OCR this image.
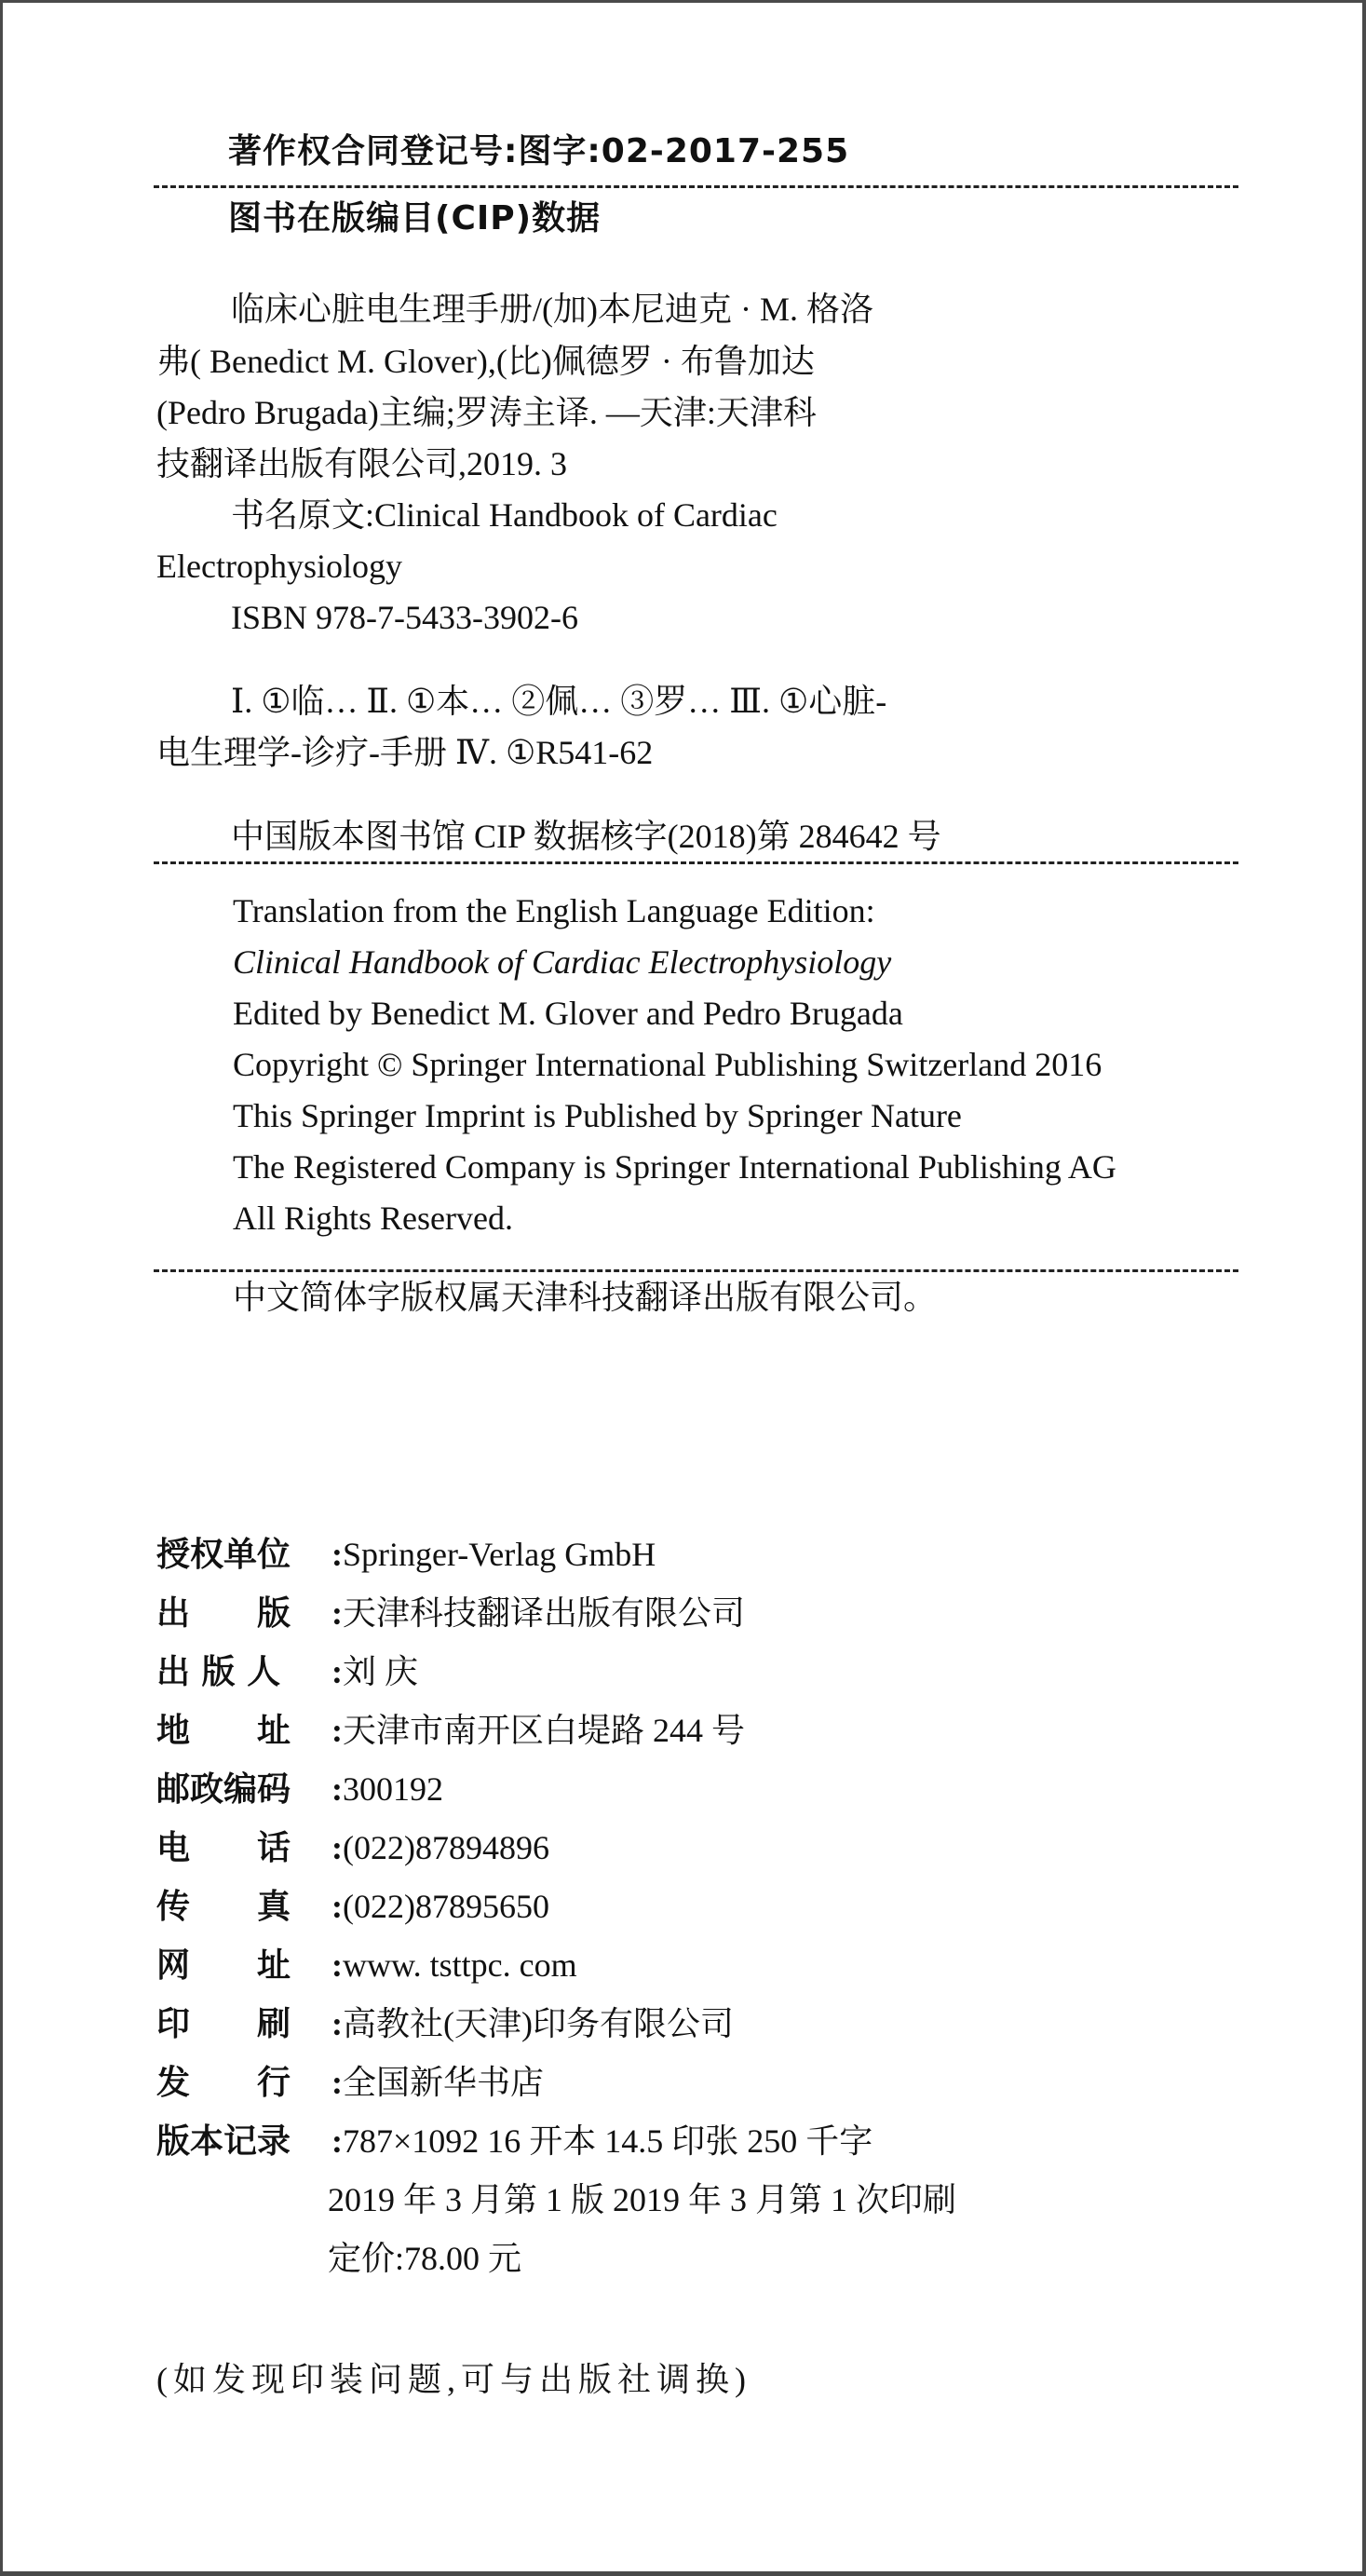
著作权合同登记号:图字:02-2017-255
图书在版编目(CIP)数据
临床心脏电生理手册/(加)本尼迪克 · M. 格洛
弗( Benedict M. Glover),(比)佩德罗 · 布鲁加达
(Pedro Brugada)主编;罗涛主译. —天津:天津科
技翻译出版有限公司,2019. 3
书名原文:Clinical Handbook of Cardiac
Electrophysiology
ISBN 978-7-5433-3902-6
Ⅰ. ①临… Ⅱ. ①本… ②佩… ③罗… Ⅲ. ①心脏-
电生理学-诊疗-手册 Ⅳ. ①R541-62
中国版本图书馆 CIP 数据核字(2018)第 284642 号
Translation from the English Language Edition:
Clinical Handbook of Cardiac Electrophysiology
Edited by Benedict M. Glover and Pedro Brugada
Copyright © Springer International Publishing Switzerland 2016
This Springer Imprint is Published by Springer Nature
The Registered Company is Springer International Publishing AG
All Rights Reserved.
中文简体字版权属天津科技翻译出版有限公司。
授权单位 :Springer-Verlag GmbH
出　　版 :天津科技翻译出版有限公司
出 版 人 :刘 庆
地　　址 :天津市南开区白堤路 244 号
邮政编码 :300192
电　　话 :(022)87894896
传　　真 :(022)87895650
网　　址 :www. tsttpc. com
印　　刷 :高教社(天津)印务有限公司
发　　行 :全国新华书店
版本记录 :787×1092 16 开本 14.5 印张 250 千字
2019 年 3 月第 1 版 2019 年 3 月第 1 次印刷
定价:78.00 元
(如发现印装问题,可与出版社调换)
